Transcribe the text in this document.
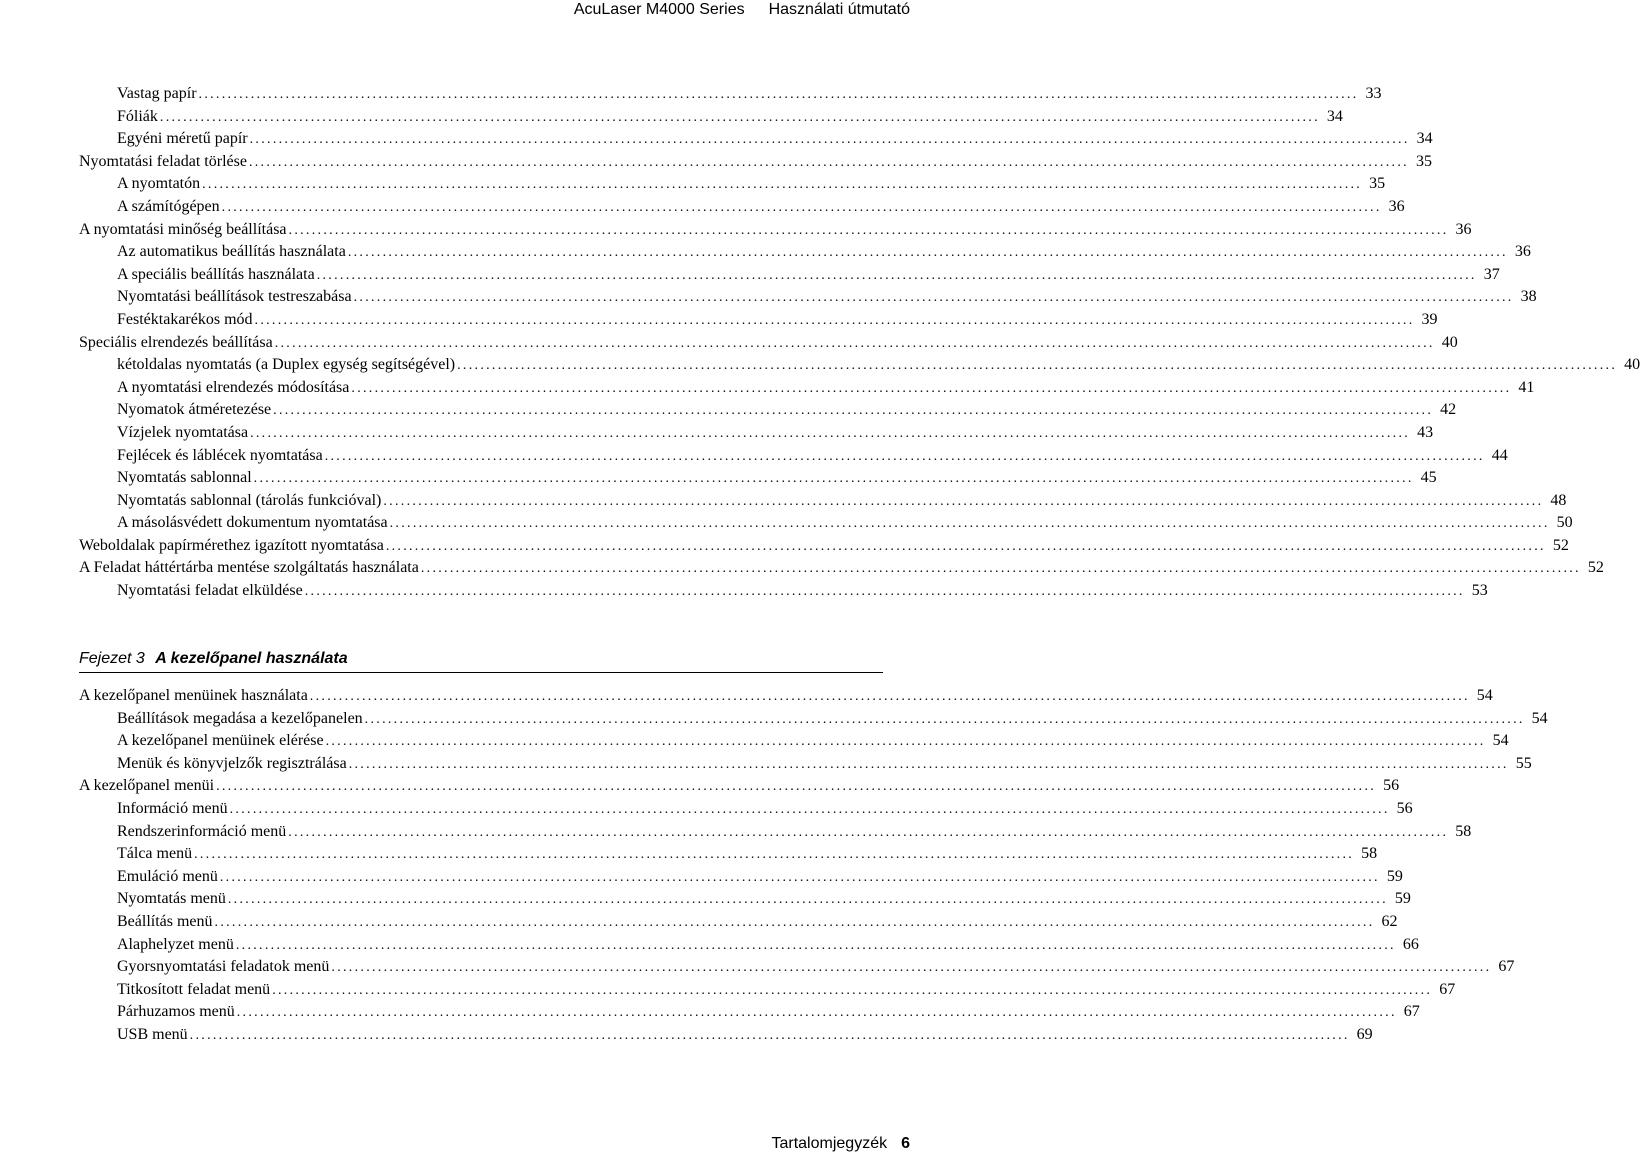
AcuLaser M4000 Series Használati útmutató
Vastag papír ........................................................................................................................................................................................................ 33
Fóliák ........................................................................................................................................................................................................ 34
Egyéni méretű papír ........................................................................................................................................................................................................ 34
Nyomtatási feladat törlése ........................................................................................................................................................................................................ 35
A nyomtatón ........................................................................................................................................................................................................ 35
A számítógépen ........................................................................................................................................................................................................ 36
A nyomtatási minőség beállítása ........................................................................................................................................................................................................ 36
Az automatikus beállítás használata ........................................................................................................................................................................................................ 36
A speciális beállítás használata ........................................................................................................................................................................................................ 37
Nyomtatási beállítások testreszabása ........................................................................................................................................................................................................ 38
Festéktakarékos mód ........................................................................................................................................................................................................ 39
Speciális elrendezés beállítása ........................................................................................................................................................................................................ 40
kétoldalas nyomtatás (a Duplex egység segítségével) ........................................................................................................................................................................................................ 40
A nyomtatási elrendezés módosítása ........................................................................................................................................................................................................ 41
Nyomatok átméretezése ........................................................................................................................................................................................................ 42
Vízjelek nyomtatása ........................................................................................................................................................................................................ 43
Fejlécek és láblécek nyomtatása ........................................................................................................................................................................................................ 44
Nyomtatás sablonnal ........................................................................................................................................................................................................ 45
Nyomtatás sablonnal (tárolás funkcióval) ........................................................................................................................................................................................................ 48
A másolásvédett dokumentum nyomtatása ........................................................................................................................................................................................................ 50
Weboldalak papírmérethez igazított nyomtatása ........................................................................................................................................................................................................ 52
A Feladat háttértárba mentése szolgáltatás használata ........................................................................................................................................................................................................ 52
Nyomtatási feladat elküldése ........................................................................................................................................................................................................ 53
Fejezet 3 A kezelőpanel használata
A kezelőpanel menüinek használata ........................................................................................................................................................................................................ 54
Beállítások megadása a kezelőpanelen ........................................................................................................................................................................................................ 54
A kezelőpanel menüinek elérése ........................................................................................................................................................................................................ 54
Menük és könyvjelzők regisztrálása ........................................................................................................................................................................................................ 55
A kezelőpanel menüi ........................................................................................................................................................................................................ 56
Információ menü ........................................................................................................................................................................................................ 56
Rendszerinformáció menü ........................................................................................................................................................................................................ 58
Tálca menü ........................................................................................................................................................................................................ 58
Emuláció menü ........................................................................................................................................................................................................ 59
Nyomtatás menü ........................................................................................................................................................................................................ 59
Beállítás menü ........................................................................................................................................................................................................ 62
Alaphelyzet menü ........................................................................................................................................................................................................ 66
Gyorsnyomtatási feladatok menü ........................................................................................................................................................................................................ 67
Titkosított feladat menü ........................................................................................................................................................................................................ 67
Párhuzamos menü ........................................................................................................................................................................................................ 67
USB menü ........................................................................................................................................................................................................ 69
Tartalomjegyzék 6
